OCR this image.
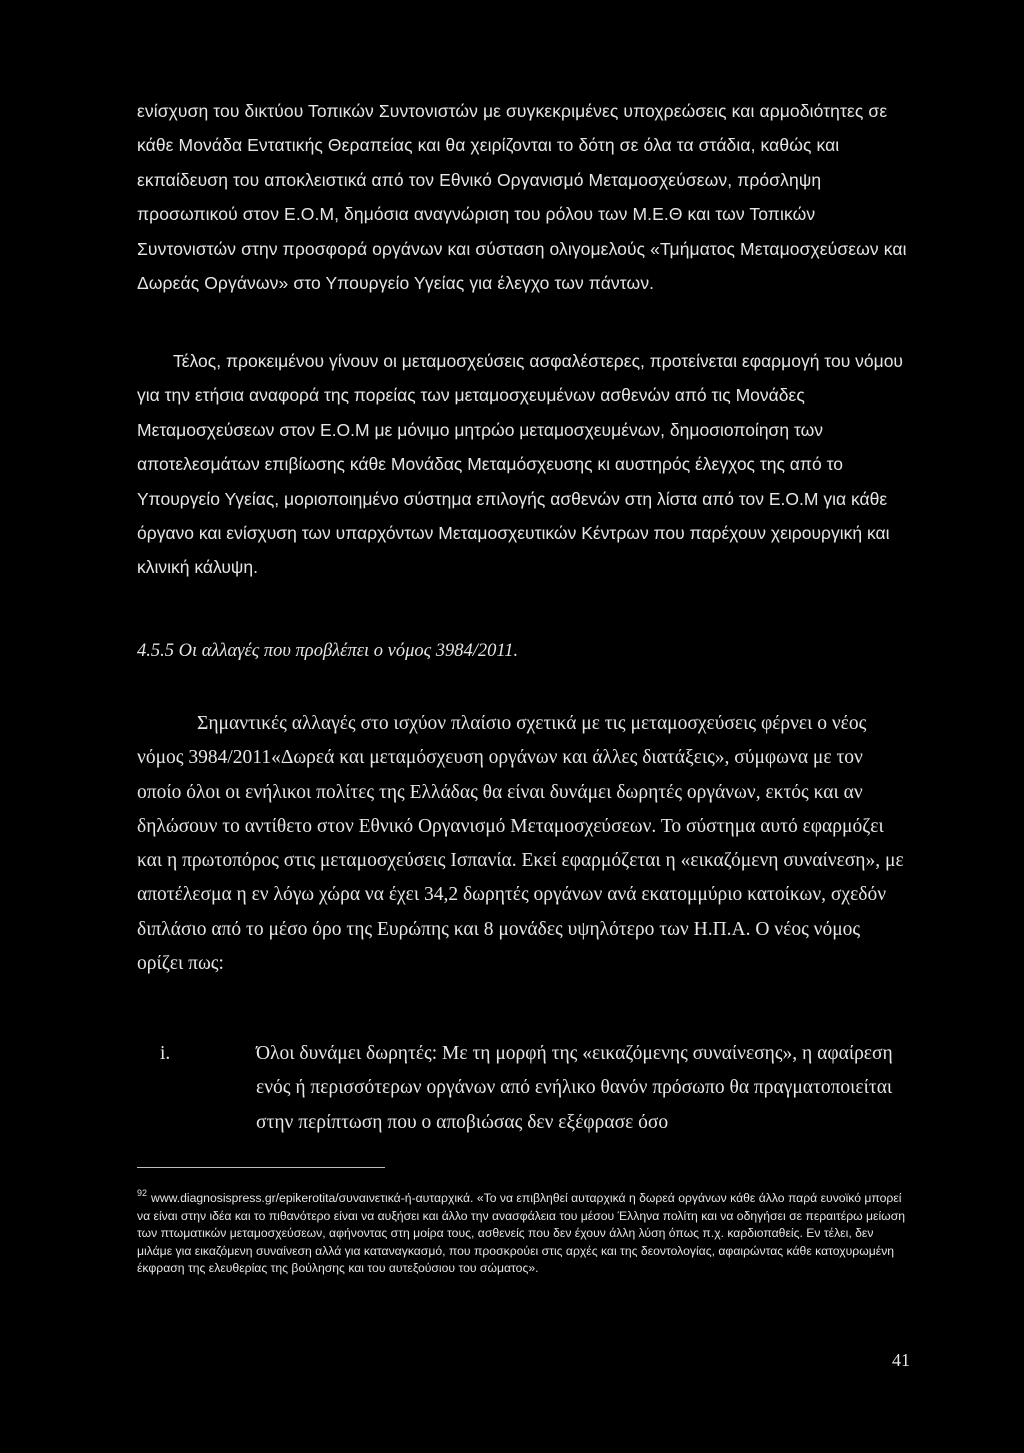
ενίσχυση του δικτύου Τοπικών Συντονιστών με συγκεκριμένες υποχρεώσεις και αρμοδιότητες σε κάθε Μονάδα Εντατικής Θεραπείας και θα χειρίζονται το δότη σε όλα τα στάδια, καθώς και εκπαίδευση του αποκλειστικά από τον Εθνικό Οργανισμό Μεταμοσχεύσεων, πρόσληψη προσωπικού στον Ε.Ο.Μ, δημόσια αναγνώριση του ρόλου των Μ.Ε.Θ και των Τοπικών Συντονιστών στην προσφορά οργάνων και σύσταση ολιγομελούς «Τμήματος Μεταμοσχεύσεων και Δωρεάς Οργάνων» στο Υπουργείο Υγείας για έλεγχο των πάντων.
Τέλος, προκειμένου γίνουν οι μεταμοσχεύσεις ασφαλέστερες, προτείνεται εφαρμογή του νόμου για την ετήσια αναφορά της πορείας των μεταμοσχευμένων ασθενών από τις Μονάδες Μεταμοσχεύσεων στον Ε.Ο.Μ με μόνιμο μητρώο μεταμοσχευμένων, δημοσιοποίηση των αποτελεσμάτων επιβίωσης κάθε Μονάδας Μεταμόσχευσης κι αυστηρός έλεγχος της από το Υπουργείο Υγείας, μοριοποιημένο σύστημα επιλογής ασθενών στη λίστα από τον Ε.Ο.Μ για κάθε όργανο και ενίσχυση των υπαρχόντων Μεταμοσχευτικών Κέντρων που παρέχουν χειρουργική και κλινική κάλυψη.
4.5.5 Οι αλλαγές που προβλέπει ο νόμος 3984/2011.
Σημαντικές αλλαγές στο ισχύον πλαίσιο σχετικά με τις μεταμοσχεύσεις φέρνει ο νέος νόμος 3984/2011«Δωρεά και μεταμόσχευση οργάνων και άλλες διατάξεις», σύμφωνα με τον οποίο όλοι οι ενήλικοι πολίτες της Ελλάδας θα είναι δυνάμει δωρητές οργάνων, εκτός και αν δηλώσουν το αντίθετο στον Εθνικό Οργανισμό Μεταμοσχεύσεων. Το σύστημα αυτό εφαρμόζει και η πρωτοπόρος στις μεταμοσχεύσεις Ισπανία. Εκεί εφαρμόζεται η «εικαζόμενη συναίνεση», με αποτέλεσμα η εν λόγω χώρα να έχει 34,2 δωρητές οργάνων ανά εκατομμύριο κατοίκων, σχεδόν διπλάσιο από το μέσο όρο της Ευρώπης και 8 μονάδες υψηλότερο των Η.Π.Α. Ο νέος νόμος ορίζει πως:
i.	Όλοι δυνάμει δωρητές: Με τη μορφή της «εικαζόμενης συναίνεσης», η αφαίρεση ενός ή περισσότερων οργάνων από ενήλικο θανόν πρόσωπο θα πραγματοποιείται στην περίπτωση που ο αποβιώσας δεν εξέφρασε όσο
$^{92}$ www.diagnosispress.gr/epikerotita/συναινετικά-ή-αυταρχικά. «Το να επιβληθεί αυταρχικά η δωρεά οργάνων κάθε άλλο παρά ευνοϊκό μπορεί να είναι στην ιδέα και το πιθανότερο είναι να αυξήσει και άλλο την ανασφάλεια του μέσου Έλληνα πολίτη και να οδηγήσει σε περαιτέρω μείωση των πτωματικών μεταμοσχεύσεων, αφήνοντας στη μοίρα τους, ασθενείς που δεν έχουν άλλη λύση όπως π.χ. καρδιοπαθείς. Εν τέλει, δεν μιλάμε για εικαζόμενη συναίνεση αλλά για καταναγκασμό, που προσκρούει στις αρχές και της δεοντολογίας, αφαιρώντας κάθε κατοχυρωμένη έκφραση της ελευθερίας της βούλησης και του αυτεξούσιου του σώματος».
41
